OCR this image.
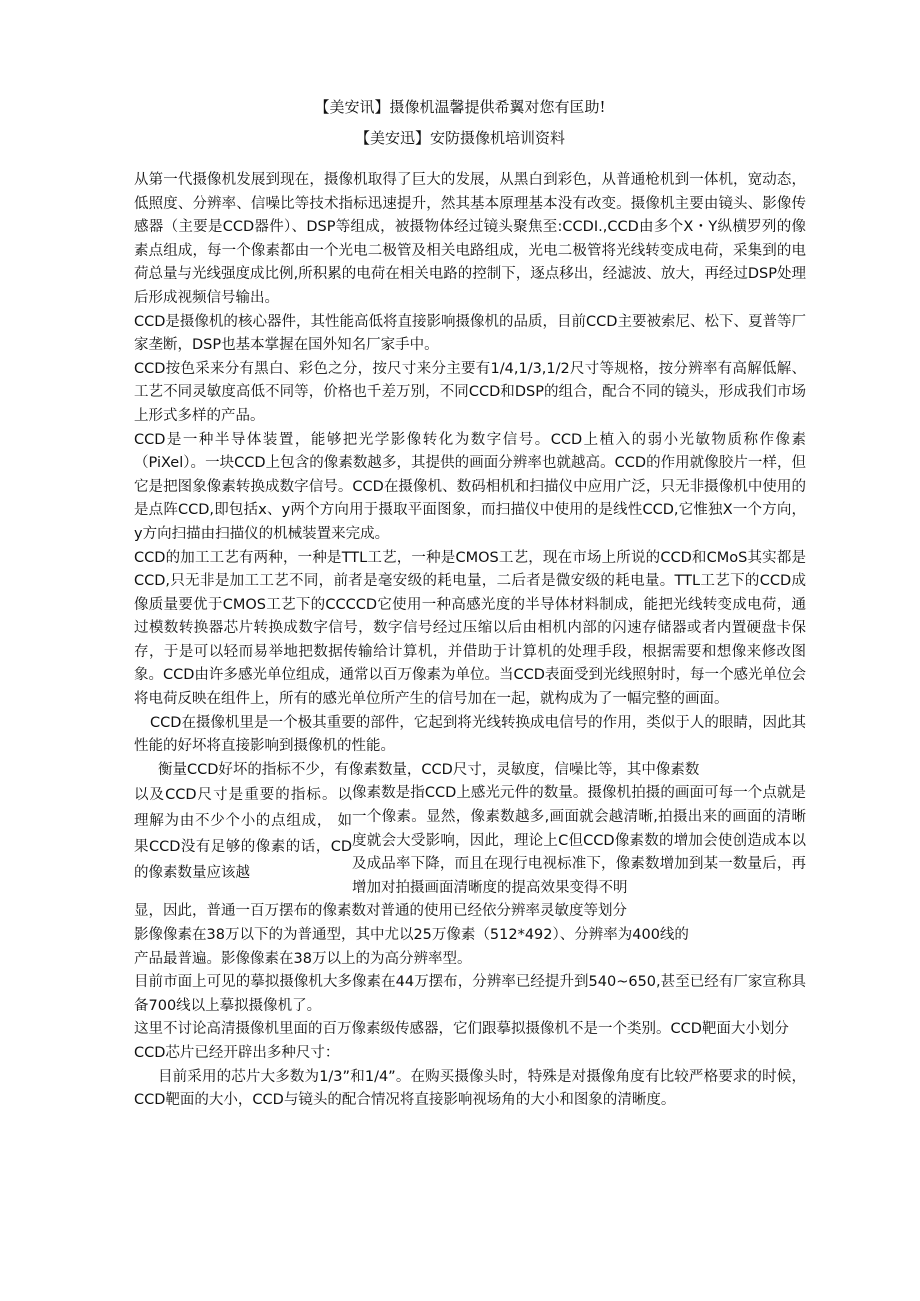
【美安讯】摄像机温馨提供希翼对您有匡助!
【美安迅】安防摄像机培训资料

从第一代摄像机发展到现在，摄像机取得了巨大的发展，从黑白到彩色，从普通枪机到一体机，宽动态，低照度、分辨率、信噪比等技术指标迅速提升，然其基本原理基本没有改变。摄像机主要由镜头、影像传感器（主要是CCD器件）、DSP等组成，被摄物体经过镜头聚焦至:CCDI.,CCD由多个X・Y纵横罗列的像素点组成，每一个像素都由一个光电二极管及相关电路组成，光电二极管将光线转变成电荷，采集到的电荷总量与光线强度成比例,所积累的电荷在相关电路的控制下，逐点移出，经滤波、放大，再经过DSP处理后形成视频信号输出。

CCD是摄像机的核心器件，其性能高低将直接影响摄像机的品质，目前CCD主要被索尼、松下、夏普等厂家垄断，DSP也基本掌握在国外知名厂家手中。

CCD按色采来分有黑白、彩色之分，按尺寸来分主要有1/4,1/3,1/2尺寸等规格，按分辨率有高解低解、工艺不同灵敏度高低不同等，价格也千差万别，不同CCD和DSP的组合，配合不同的镜头，形成我们市场上形式多样的产品。

CCD是一种半导体装置，能够把光学影像转化为数字信号。CCD上植入的弱小光敏物质称作像素（PiXel）。一块CCD上包含的像素数越多，其提供的画面分辨率也就越高。CCD的作用就像胶片一样，但它是把图象像素转换成数字信号。CCD在摄像机、数码相机和扫描仪中应用广泛，只无非摄像机中使用的是点阵CCD,即包括x、y两个方向用于摄取平面图象，而扫描仪中使用的是线性CCD,它惟独X一个方向，y方向扫描由扫描仪的机械装置来完成。

CCD的加工工艺有两种，一种是TTL工艺，一种是CMOS工艺，现在市场上所说的CCD和CMoS其实都是CCD,只无非是加工工艺不同，前者是毫安级的耗电量，二后者是微安级的耗电量。TTL工艺下的CCD成像质量要优于CMOS工艺下的CCCCD它使用一种高感光度的半导体材料制成，能把光线转变成电荷，通过模数转换器芯片转换成数字信号，数字信号经过压缩以后由相机内部的闪速存储器或者内置硬盘卡保存，于是可以轻而易举地把数据传输给计算机，并借助于计算机的处理手段，根据需要和想像来修改图象。CCD由许多感光单位组成，通常以百万像素为单位。当CCD表面受到光线照射时，每一个感光单位会将电荷反映在组件上，所有的感光单位所产生的信号加在一起，就构成为了一幅完整的画面。

CCD在摄像机里是一个极其重要的部件，它起到将光线转换成电信号的作用，类似于人的眼睛，因此其性能的好坏将直接影响到摄像机的性能。

衡量CCD好坏的指标不少，有像素数量，CCD尺寸，灵敏度，信噪比等，其中像素数

以及CCD尺寸是重要的指标。以理解为由不少个小的点组成， 如果CCD没有足够的像素的话，CD的像素数量应该越

像素数是指CCD上感光元件的数量。摄像机拍摄的画面可每一个点就是一个像素。显然，像素数越多,画面就会越清晰,拍摄出来的画面的清晰度就会大受影响，因此，理论上C但CCD像素数的增加会使创造成本以及成品率下降，而且在现行电视标准下，像素数增加到某一数量后，再增加对拍摄画面清晰度的提高效果变得不明

显，因此，普通一百万摆布的像素数对普通的使用已经依分辨率灵敏度等划分

影像像素在38万以下的为普通型，其中尤以25万像素（512*492）、分辨率为400线的

产品最普遍。影像像素在38万以上的为高分辨率型。

目前市面上可见的摹拟摄像机大多像素在44万摆布，分辨率已经提升到540~650,甚至已经有厂家宣称具备700线以上摹拟摄像机了。

这里不讨论高清摄像机里面的百万像素级传感器，它们跟摹拟摄像机不是一个类别。CCD靶面大小划分

CCD芯片已经开辟出多种尺寸：

目前采用的芯片大多数为1/3”和1/4”。在购买摄像头时，特殊是对摄像角度有比较严格要求的时候，CCD靶面的大小，CCD与镜头的配合情况将直接影响视场角的大小和图象的清晰度。
